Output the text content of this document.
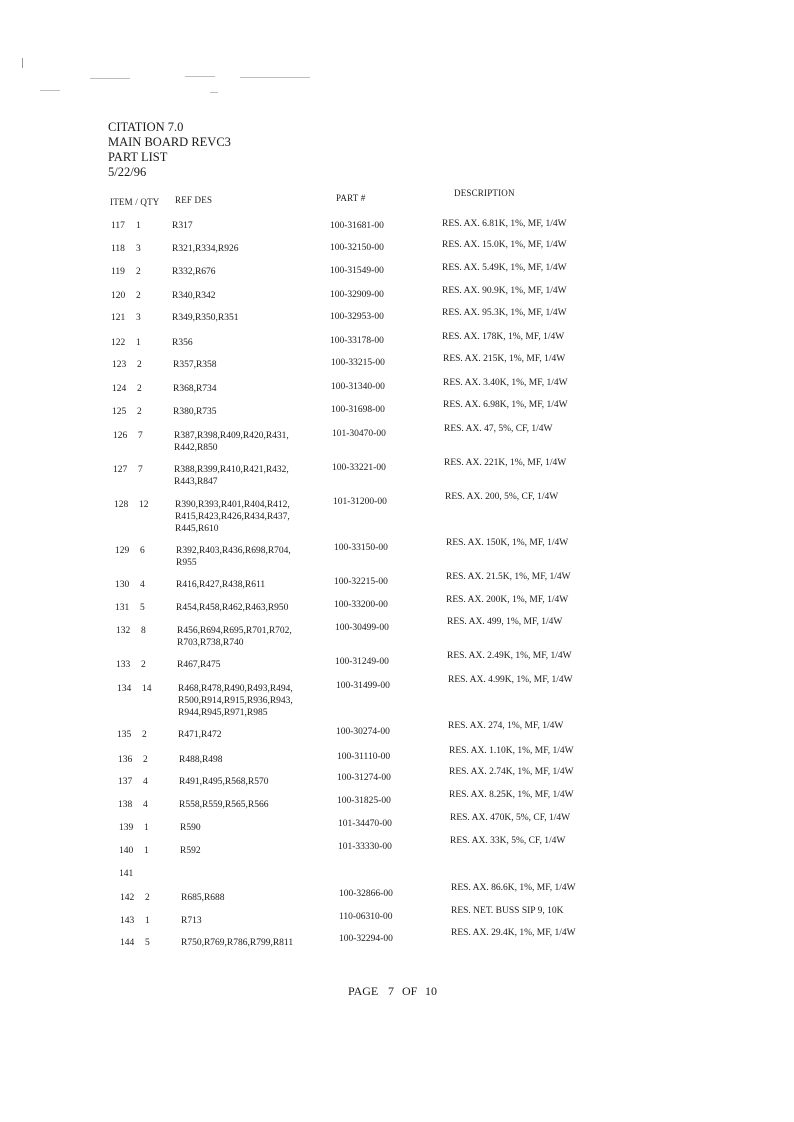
CITATION 7.0
MAIN BOARD REVC3
PART LIST
5/22/96
ITEM / QTY REF DES	PART #	DESCRIPTION
117 1	R317	100-31681-00	RES. AX. 6.81K, 1%, MF, 1/4W
118 3	R321,R334,R926	100-32150-00	RES. AX. 15.0K, 1%, MF, 1/4W
119 2	R332,R676	100-31549-00	RES. AX. 5.49K, 1%, MF, 1/4W
120 2	R340,R342	100-32909-00	RES. AX. 90.9K, 1%, MF, 1/4W
121 3	R349,R350,R351	100-32953-00	RES. AX. 95.3K, 1%, MF, 1/4W
122 1	R356	100-33178-00	RES. AX. 178K, 1%, MF, 1/4W
123 2	R357,R358	100-33215-00	RES. AX. 215K, 1%, MF, 1/4W
124 2	R368,R734	100-31340-00	RES. AX. 3.40K, 1%, MF, 1/4W
125 2	R380,R735	100-31698-00	RES. AX. 6.98K, 1%, MF, 1/4W
126 7	R387,R398,R409,R420,R431,
R442,R850
101-30470-00	RES. AX. 47, 5%, CF, 1/4W
127 7	R388,R399,R410,R421,R432,
R443,R847
100-33221-00	RES. AX. 221K, 1%, MF, 1/4W
128 12	R390,R393,R401,R404,R412,
R415,R423,R426,R434,R437,
R445,R610
101-31200-00	RES. AX. 200, 5%, CF, 1/4W
129 6	R392,R403,R436,R698,R704,
R955
100-33150-00	RES. AX. 150K, 1%, MF, 1/4W
130 4	R416,R427,R438,R611	100-32215-00	RES. AX. 21.5K, 1%, MF, 1/4W
131 5	R454,R458,R462,R463,R950	100-33200-00	RES. AX. 200K, 1%, MF, 1/4W
132 8	R456,R694,R695,R701,R702,
R703,R738,R740
100-30499-00
RES. AX. 499, 1%, MF, 1/4W
133 2	R467,R475	100-31249-00
RES. AX. 2.49K, 1%, MF, 1/4W
134 14	R468,R478,R490,R493,R494,
R500,R914,R915,R936,R943,
R944,R945,R971,R985
100-31499-00
RES. AX. 4.99K, 1%, MF, 1/4W
135 2	R471,R472	100-30274-00
RES. AX. 274, 1%, MF, 1/4W
136 2	R488,R498	100-31110-00
RES. AX. 1.10K, 1%, MF, 1/4W
137 4	R491,R495,R568,R570	100-31274-00
RES. AX. 2.74K, 1%, MF, 1/4W
138 4	R558,R559,R565,R566	100-31825-00
RES. AX. 8.25K, 1%, MF, 1/4W
139 1	R590	101-34470-00
RES. AX. 470K, 5%, CF, 1/4W
140 1	R592	101-33330-00
RES. AX. 33K, 5%, CF, 1/4W
141
142 2	R685,R688	100-32866-00
RES. AX. 86.6K, 1%, MF, 1/4W
143 1	R713	110-06310-00
RES. NET. BUSS SIP 9, 10K
144 5	R750,R769,R786,R799,R811	100-32294-00
RES. AX. 29.4K, 1%, MF, 1/4W
PAGE 7 OF 10
